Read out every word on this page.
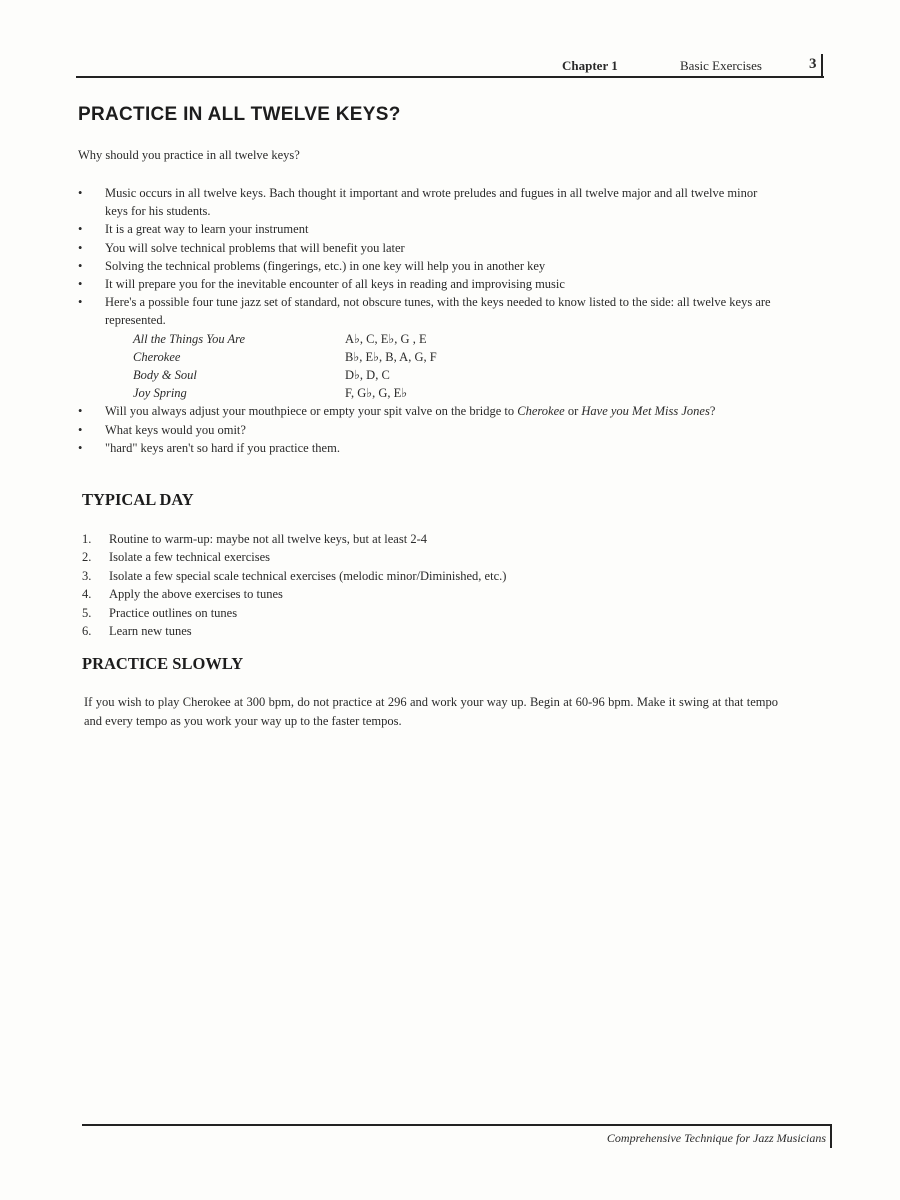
Chapter 1	Basic Exercises	3
PRACTICE IN ALL TWELVE KEYS?

Why should you practice in all twelve keys?

• Music occurs in all twelve keys. Bach thought it important and wrote preludes and fugues in all twelve major and all twelve minor keys for his students.
• It is a great way to learn your instrument
• You will solve technical problems that will benefit you later
• Solving the technical problems (fingerings, etc.) in one key will help you in another key
• It will prepare you for the inevitable encounter of all keys in reading and improvising music
• Here's a possible four tune jazz set of standard, not obscure tunes, with the keys needed to know listed to the side: all twelve keys are represented.
All the Things You Are	A♭, C, E♭, G , E
Cherokee	B♭, E♭, B, A, G, F
Body & Soul	D♭, D, C
Joy Spring	F, G♭, G, E♭
• Will you always adjust your mouthpiece or empty your spit valve on the bridge to Cherokee or Have you Met Miss Jones?
• What keys would you omit?
• "hard" keys aren't so hard if you practice them.
TYPICAL DAY
1. Routine to warm-up: maybe not all twelve keys, but at least 2-4
2. Isolate a few technical exercises
3. Isolate a few special scale technical exercises (melodic minor/Diminished, etc.)
4. Apply the above exercises to tunes
5. Practice outlines on tunes
6. Learn new tunes
PRACTICE SLOWLY

If you wish to play Cherokee at 300 bpm, do not practice at 296 and work your way up. Begin at 60-96 bpm. Make it swing at that tempo and every tempo as you work your way up to the faster tempos.

Comprehensive Technique for Jazz Musicians
